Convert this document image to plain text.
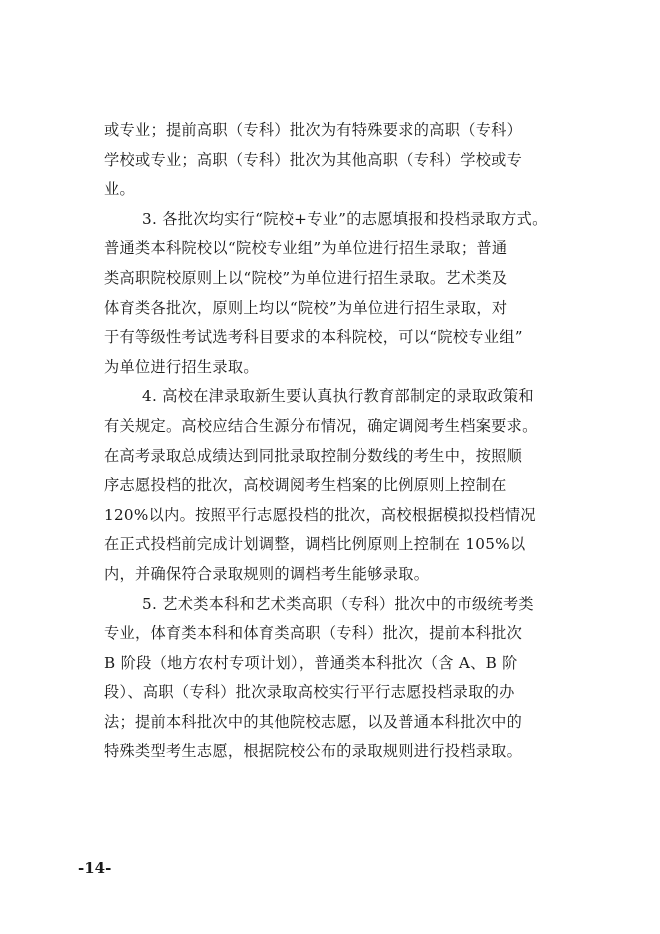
或专业；提前高职（专科）批次为有特殊要求的高职（专科）
学校或专业；高职（专科）批次为其他高职（专科）学校或专
业。
3. 各批次均实行“院校+专业”的志愿填报和投档录取方式。
普通类本科院校以“院校专业组”为单位进行招生录取；普通
类高职院校原则上以“院校”为单位进行招生录取。艺术类及
体育类各批次，原则上均以“院校”为单位进行招生录取，对
于有等级性考试选考科目要求的本科院校，可以“院校专业组”
为单位进行招生录取。
4. 高校在津录取新生要认真执行教育部制定的录取政策和
有关规定。高校应结合生源分布情况，确定调阅考生档案要求。
在高考录取总成绩达到同批录取控制分数线的考生中，按照顺
序志愿投档的批次，高校调阅考生档案的比例原则上控制在
120%以内。按照平行志愿投档的批次，高校根据模拟投档情况
在正式投档前完成计划调整，调档比例原则上控制在 105%以
内，并确保符合录取规则的调档考生能够录取。
5. 艺术类本科和艺术类高职（专科）批次中的市级统考类
专业，体育类本科和体育类高职（专科）批次，提前本科批次
B 阶段（地方农村专项计划），普通类本科批次（含 A、B 阶
段）、高职（专科）批次录取高校实行平行志愿投档录取的办
法；提前本科批次中的其他院校志愿，以及普通本科批次中的
特殊类型考生志愿，根据院校公布的录取规则进行投档录取。
-14-
